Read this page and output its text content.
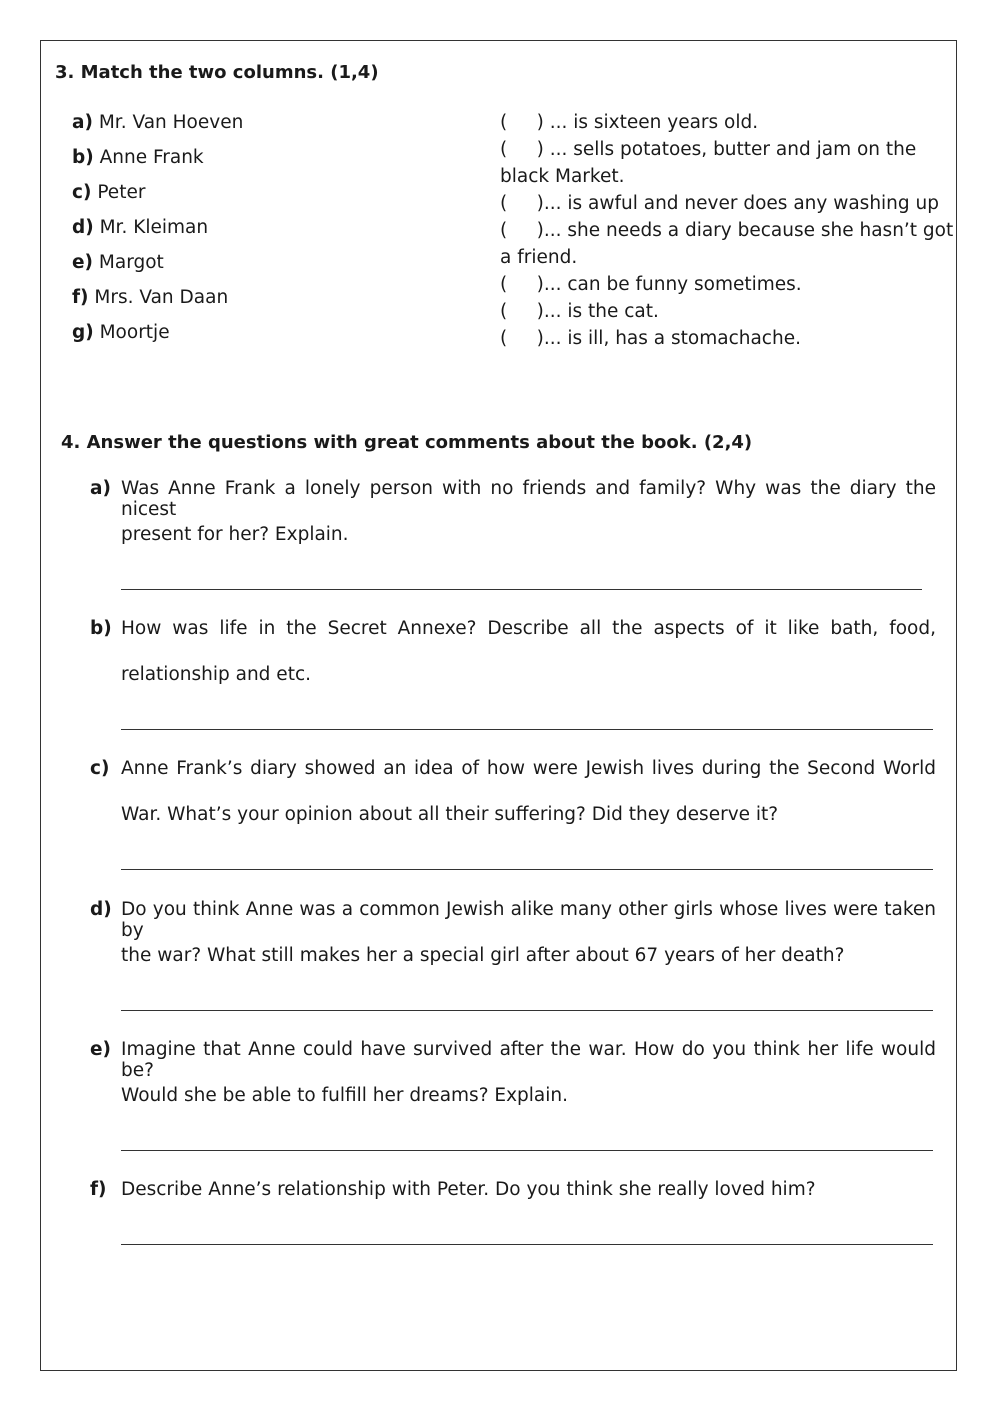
3. Match the two columns. (1,4)
a) Mr. Van Hoeven
b) Anne Frank
c) Peter
d) Mr. Kleiman
e) Margot
f) Mrs. Van Daan
g) Moortje
(     ) ... is sixteen years old.
(     ) ... sells potatoes, butter and jam on the
black Market.
(     )... is awful and never does any washing up
(     )... she needs a diary because she hasn’t got
a friend.
(     )... can be funny sometimes.
(     )... is the cat.
(     )... is ill, has a stomachache.
4. Answer the questions with great comments about the book. (2,4)
a) Was Anne Frank a lonely person with no friends and family? Why was the diary the nicest
present for her? Explain.
b) How was life in the Secret Annexe? Describe all the aspects of it like bath, food,
relationship and etc.
c) Anne Frank’s diary showed an idea of how were Jewish lives during the Second World
War. What’s your opinion about all their suffering? Did they deserve it?
d) Do you think Anne was a common Jewish alike many other girls whose lives were taken by
the war? What still makes her a special girl after about 67 years of her death?
e) Imagine that Anne could have survived after the war. How do you think her life would be?
Would she be able to fulfill her dreams? Explain.
f) Describe Anne’s relationship with Peter. Do you think she really loved him?
